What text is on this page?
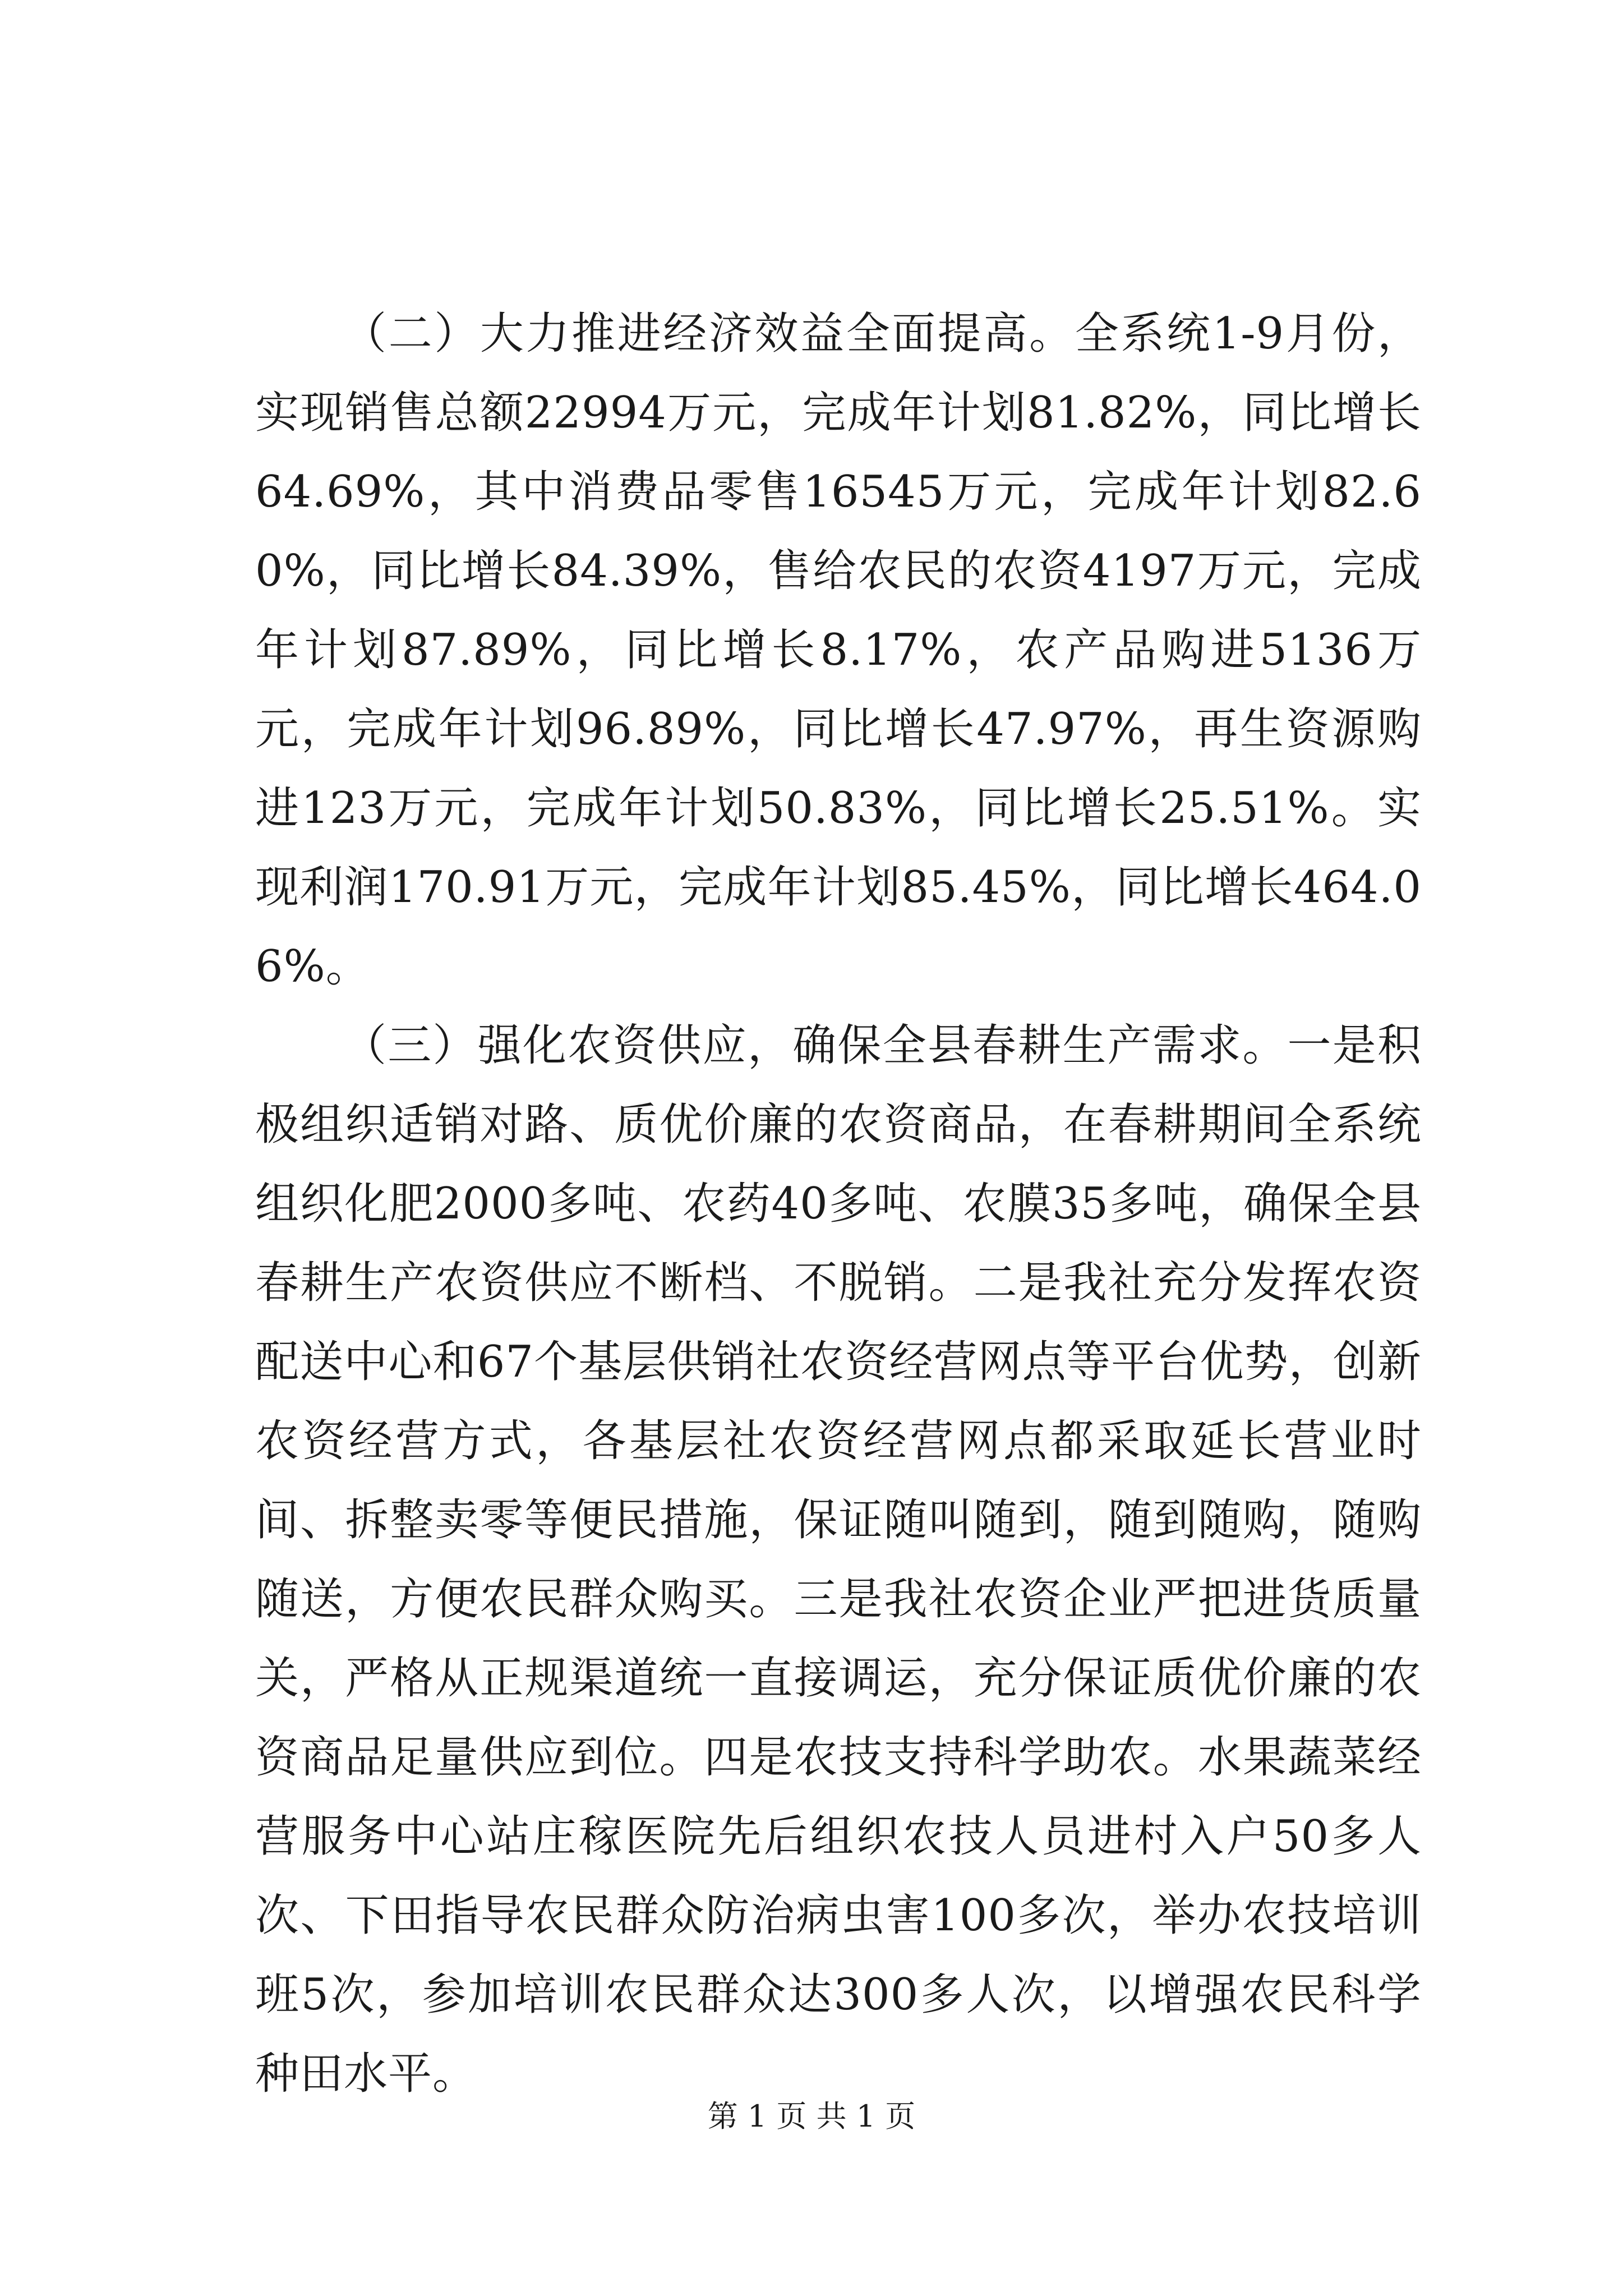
（二）大力推进经济效益全面提高。全系统1-9月份，实现销售总额22994万元，完成年计划81.82%，同比增长64.69%，其中消费品零售16545万元，完成年计划82.60%，同比增长84.39%，售给农民的农资4197万元，完成年计划87.89%，同比增长8.17%，农产品购进5136万元，完成年计划96.89%，同比增长47.97%，再生资源购进123万元，完成年计划50.83%，同比增长25.51%。实现利润170.91万元，完成年计划85.45%，同比增长464.06%。

（三）强化农资供应，确保全县春耕生产需求。一是积极组织适销对路、质优价廉的农资商品，在春耕期间全系统组织化肥2000多吨、农药40多吨、农膜35多吨，确保全县春耕生产农资供应不断档、不脱销。二是我社充分发挥农资配送中心和67个基层供销社农资经营网点等平台优势，创新农资经营方式，各基层社农资经营网点都采取延长营业时间、拆整卖零等便民措施，保证随叫随到，随到随购，随购随送，方便农民群众购买。三是我社农资企业严把进货质量关，严格从正规渠道统一直接调运，充分保证质优价廉的农资商品足量供应到位。四是农技支持科学助农。水果蔬菜经营服务中心站庄稼医院先后组织农技人员进村入户50多人次、下田指导农民群众防治病虫害100多次，举办农技培训班5次，参加培训农民群众达300多人次，以增强农民科学种田水平。

第 1 页 共 1 页
